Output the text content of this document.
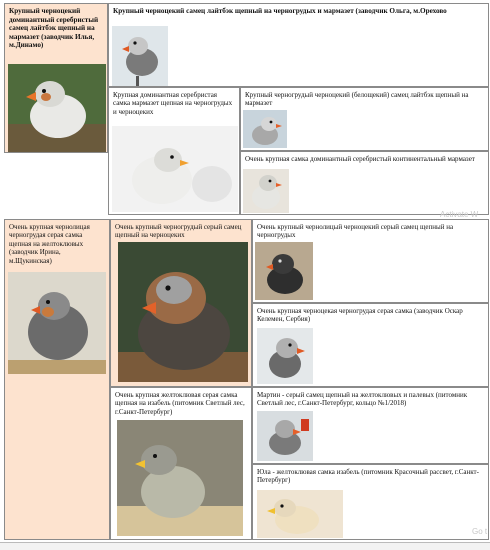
Крупный черноцекий доминантный серебристый самец лайтбэк щепный на мармазет (заводчик Илья, м.Динамо)
Крупный черноцекий самец лайтбэк щепный на черногрудых и мармазет (заводчик Ольга, м.Орехово
Крупная доминантная серебристая самка мармазет щепная на черногрудых и черноцеких
Крупный черногрудый черноцекий (белощекий) самец лайтбэк щепный на мармазет
Очень крупная самка доминантный серебристый континентальный мармазет
Очень крупная чернолицая черногрудая серая самка щепная на желтоклювых (заводчик Ирина, м.Щукинская)
Очень крупный черногрудый серый самец щепный на черноцеких
Очень крупный чернолицый черноцекий серый самец щепный на черногрудых
Очень крупная черноцекая черногрудая серая самка (заводчик Оскар Келемен, Сербия)
Очень крупная желтоклювая серая самка щепная на изабель (питомник Светлый лес, г.Санкт-Петербург)
Мартин - серый самец щепный на желтоклювых и палевых (питомник Светлый лес, г.Санкт-Петербург, кольцо №1/2018)
Юла - желтоклювая самка изабель (питомник Красочный рассвет, г.Санкт-Петербург)
Activate W
Go t
